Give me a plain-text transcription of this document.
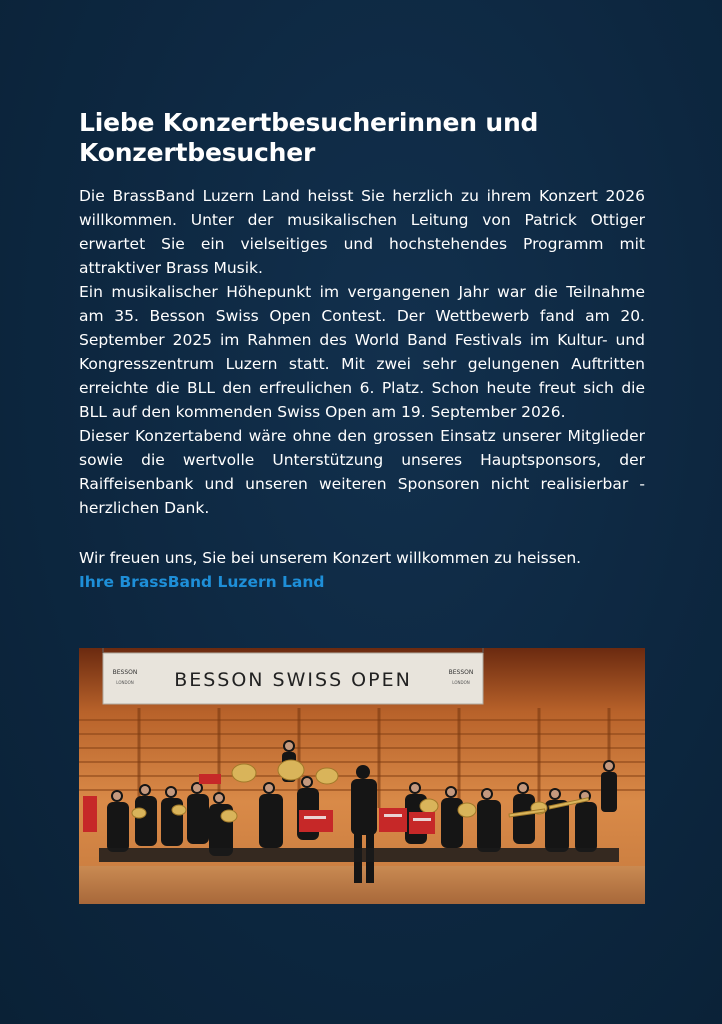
Liebe Konzertbesucherinnen und Konzertbesucher

Die BrassBand Luzern Land heisst Sie herzlich zu ihrem Konzert 2026 willkommen. Unter der musikalischen Leitung von Patrick Ottiger erwartet Sie ein vielseitiges und hochstehendes Programm mit attraktiver Brass Musik.

Ein musikalischer Höhepunkt im vergangenen Jahr war die Teilnahme am 35. Besson Swiss Open Contest. Der Wettbewerb fand am 20. September 2025 im Rahmen des World Band Festivals im Kultur- und Kongresszentrum Luzern statt. Mit zwei sehr gelungenen Auftritten erreichte die BLL den erfreulichen 6. Platz. Schon heute freut sich die BLL auf den kommenden Swiss Open am 19. September 2026.

Dieser Konzertabend wäre ohne den grossen Einsatz unserer Mitglieder sowie die wertvolle Unterstützung unseres Hauptsponsors, der Raiffeisenbank und unseren weiteren Sponsoren nicht realisierbar - herzlichen Dank.

Wir freuen uns, Sie bei unserem Konzert willkommen zu heissen.
Ihre BrassBand Luzern Land
BESSON
LONDON BESSON SWISS OPEN	BESSON
LONDON
